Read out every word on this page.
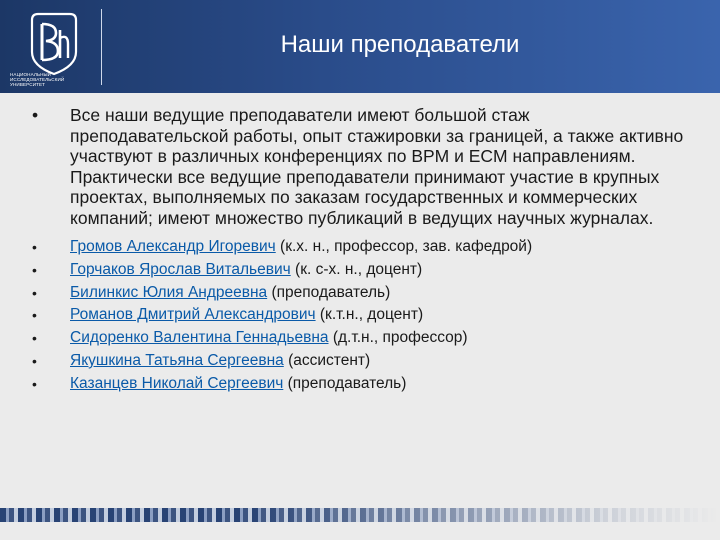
НАЦИОНАЛЬНЫЙ ИССЛЕДОВАТЕЛЬСКИЙ УНИВЕРСИТЕТ
Наши преподаватели
• Все наши ведущие преподаватели имеют большой стаж преподавательской работы, опыт стажировки за границей, а также активно участвуют в различных конференциях по BPM и ECM направлениям. Практически все ведущие преподаватели принимают участие в крупных проектах, выполняемых по заказам государственных и коммерческих компаний; имеют множество публикаций в ведущих научных журналах.
• Громов Александр Игоревич (к.х. н., профессор, зав. кафедрой)
• Горчаков Ярослав Витальевич (к. с-х. н., доцент)
• Билинкис Юлия Андреевна (преподаватель)
• Романов Дмитрий Александрович (к.т.н., доцент)
• Сидоренко Валентина Геннадьевна (д.т.н., профессор)
• Якушкина Татьяна Сергеевна (ассистент)
• Казанцев Николай Сергеевич (преподаватель)
